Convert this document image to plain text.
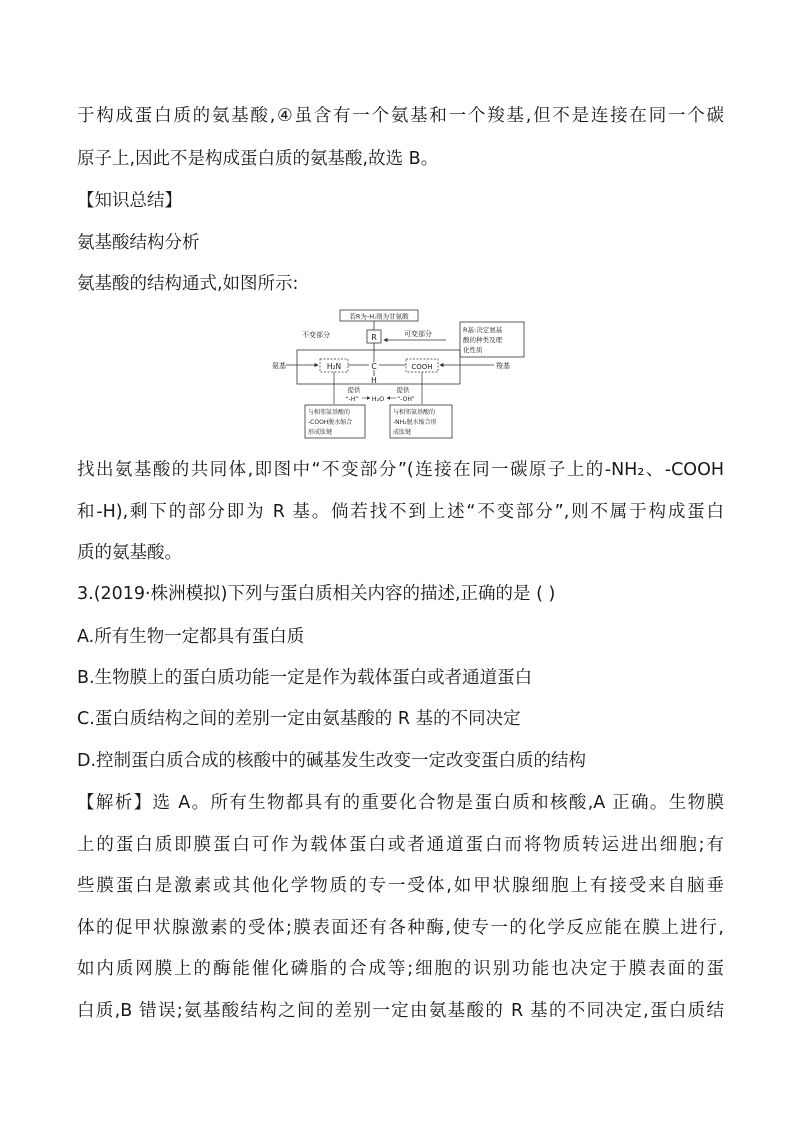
于构成蛋白质的氨基酸,④虽含有一个氨基和一个羧基,但不是连接在同一个碳
原子上,因此不是构成蛋白质的氨基酸,故选 B。
【知识总结】
氨基酸结构分析
氨基酸的结构通式,如图所示:
若R为-H,则为甘氨酸
不变部分	可变部分
R
R基:决定氨基
酸的种类及理
化性质
H₂N	COOH
C
H
氨基	羧基
提供	提供
“-H” H₂O “-OH”
与相邻氨基酸的
-COOH脱水缩合
形成肽键
与相邻氨基酸的
-NH₂脱水缩合形
成肽键
找出氨基酸的共同体,即图中“不变部分”(连接在同一碳原子上的-NH₂、-COOH
和-H),剩下的部分即为 R 基。倘若找不到上述“不变部分”,则不属于构成蛋白
质的氨基酸。
3.(2019·株洲模拟)下列与蛋白质相关内容的描述,正确的是 ( )
A.所有生物一定都具有蛋白质
B.生物膜上的蛋白质功能一定是作为载体蛋白或者通道蛋白
C.蛋白质结构之间的差别一定由氨基酸的 R 基的不同决定
D.控制蛋白质合成的核酸中的碱基发生改变一定改变蛋白质的结构
【解析】选 A。所有生物都具有的重要化合物是蛋白质和核酸,A 正确。生物膜
上的蛋白质即膜蛋白可作为载体蛋白或者通道蛋白而将物质转运进出细胞;有
些膜蛋白是激素或其他化学物质的专一受体,如甲状腺细胞上有接受来自脑垂
体的促甲状腺激素的受体;膜表面还有各种酶,使专一的化学反应能在膜上进行,
如内质网膜上的酶能催化磷脂的合成等;细胞的识别功能也决定于膜表面的蛋
白质,B 错误;氨基酸结构之间的差别一定由氨基酸的 R 基的不同决定,蛋白质结
